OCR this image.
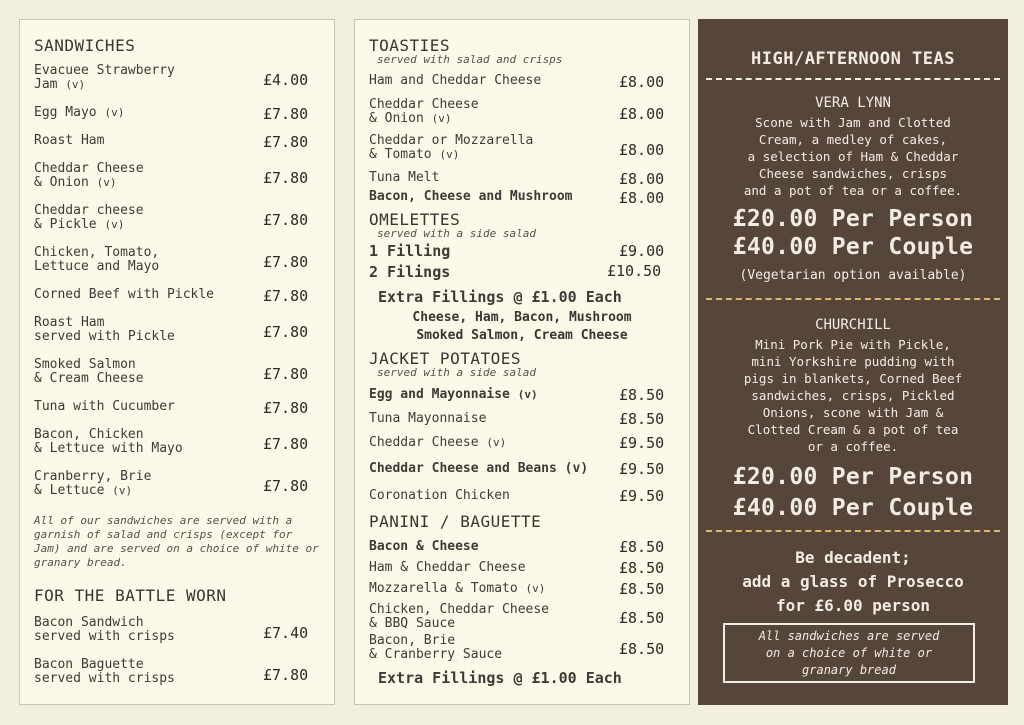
SANDWICHES
Evacuee Strawberry
Jam (v)	£4.00
Egg Mayo (v)	£7.80
Roast Ham	£7.80
Cheddar Cheese
& Onion (v)	£7.80
Cheddar cheese
& Pickle (v)	£7.80
Chicken, Tomato,
Lettuce and Mayo	£7.80
Corned Beef with Pickle	£7.80
Roast Ham
served with Pickle	£7.80
Smoked Salmon
& Cream Cheese	£7.80
Tuna with Cucumber	£7.80
Bacon, Chicken
& Lettuce with Mayo	£7.80
Cranberry, Brie
& Lettuce (v)	£7.80
All of our sandwiches are served with a garnish of salad and crisps (except for Jam) and are served on a choice of white or granary bread.
FOR THE BATTLE WORN
Bacon Sandwich
served with crisps	£7.40
Bacon Baguette
served with crisps	£7.80
TOASTIES
served with salad and crisps
Ham and Cheddar Cheese	£8.00
Cheddar Cheese
& Onion (v)	£8.00
Cheddar or Mozzarella
& Tomato (v)	£8.00
Tuna Melt	£8.00
Bacon, Cheese and Mushroom	£8.00
OMELETTES
served with a side salad
1 Filling	£9.00
2 Filings	£10.50
Extra Fillings @ £1.00 Each
Cheese, Ham, Bacon, Mushroom
Smoked Salmon, Cream Cheese
JACKET POTATOES
served with a side salad
Egg and Mayonnaise (v)	£8.50
Tuna Mayonnaise	£8.50
Cheddar Cheese (v)	£9.50
Cheddar Cheese and Beans (v) £9.50
Coronation Chicken	£9.50
PANINI / BAGUETTE
Bacon & Cheese	£8.50
Ham & Cheddar Cheese	£8.50
Mozzarella & Tomato (v)	£8.50
Chicken, Cheddar Cheese
& BBQ Sauce	£8.50
Bacon, Brie
& Cranberry Sauce	£8.50
Extra Fillings @ £1.00 Each
HIGH/AFTERNOON TEAS
VERA LYNN
Scone with Jam and Clotted
Cream, a medley of cakes,
a selection of Ham & Cheddar
Cheese sandwiches, crisps
and a pot of tea or a coffee.
£20.00 Per Person
£40.00 Per Couple
(Vegetarian option available)
CHURCHILL
Mini Pork Pie with Pickle,
mini Yorkshire pudding with
pigs in blankets, Corned Beef
sandwiches, crisps, Pickled
Onions, scone with Jam &
Clotted Cream & a pot of tea
or a coffee.
£20.00 Per Person
£40.00 Per Couple
Be decadent;
add a glass of Prosecco
for £6.00 person
All sandwiches are served
on a choice of white or
granary bread
